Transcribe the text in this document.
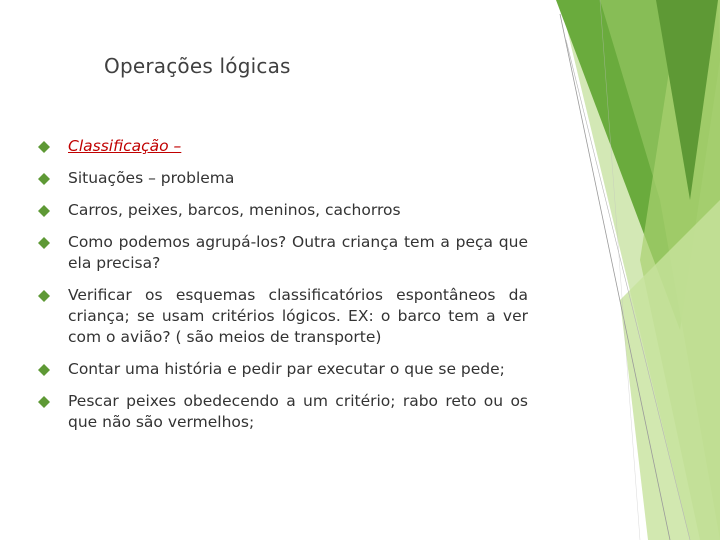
Operações lógicas
Classificação –
Situações – problema
Carros, peixes, barcos, meninos, cachorros
Como podemos agrupá-los? Outra criança tem a peça que ela precisa?
Verificar os esquemas classificatórios espontâneos da criança; se usam critérios lógicos. EX: o barco tem a ver com o avião? ( são meios de transporte)
Contar uma história e pedir par executar o que se pede;
Pescar peixes obedecendo a um critério; rabo reto ou os que não são vermelhos;
